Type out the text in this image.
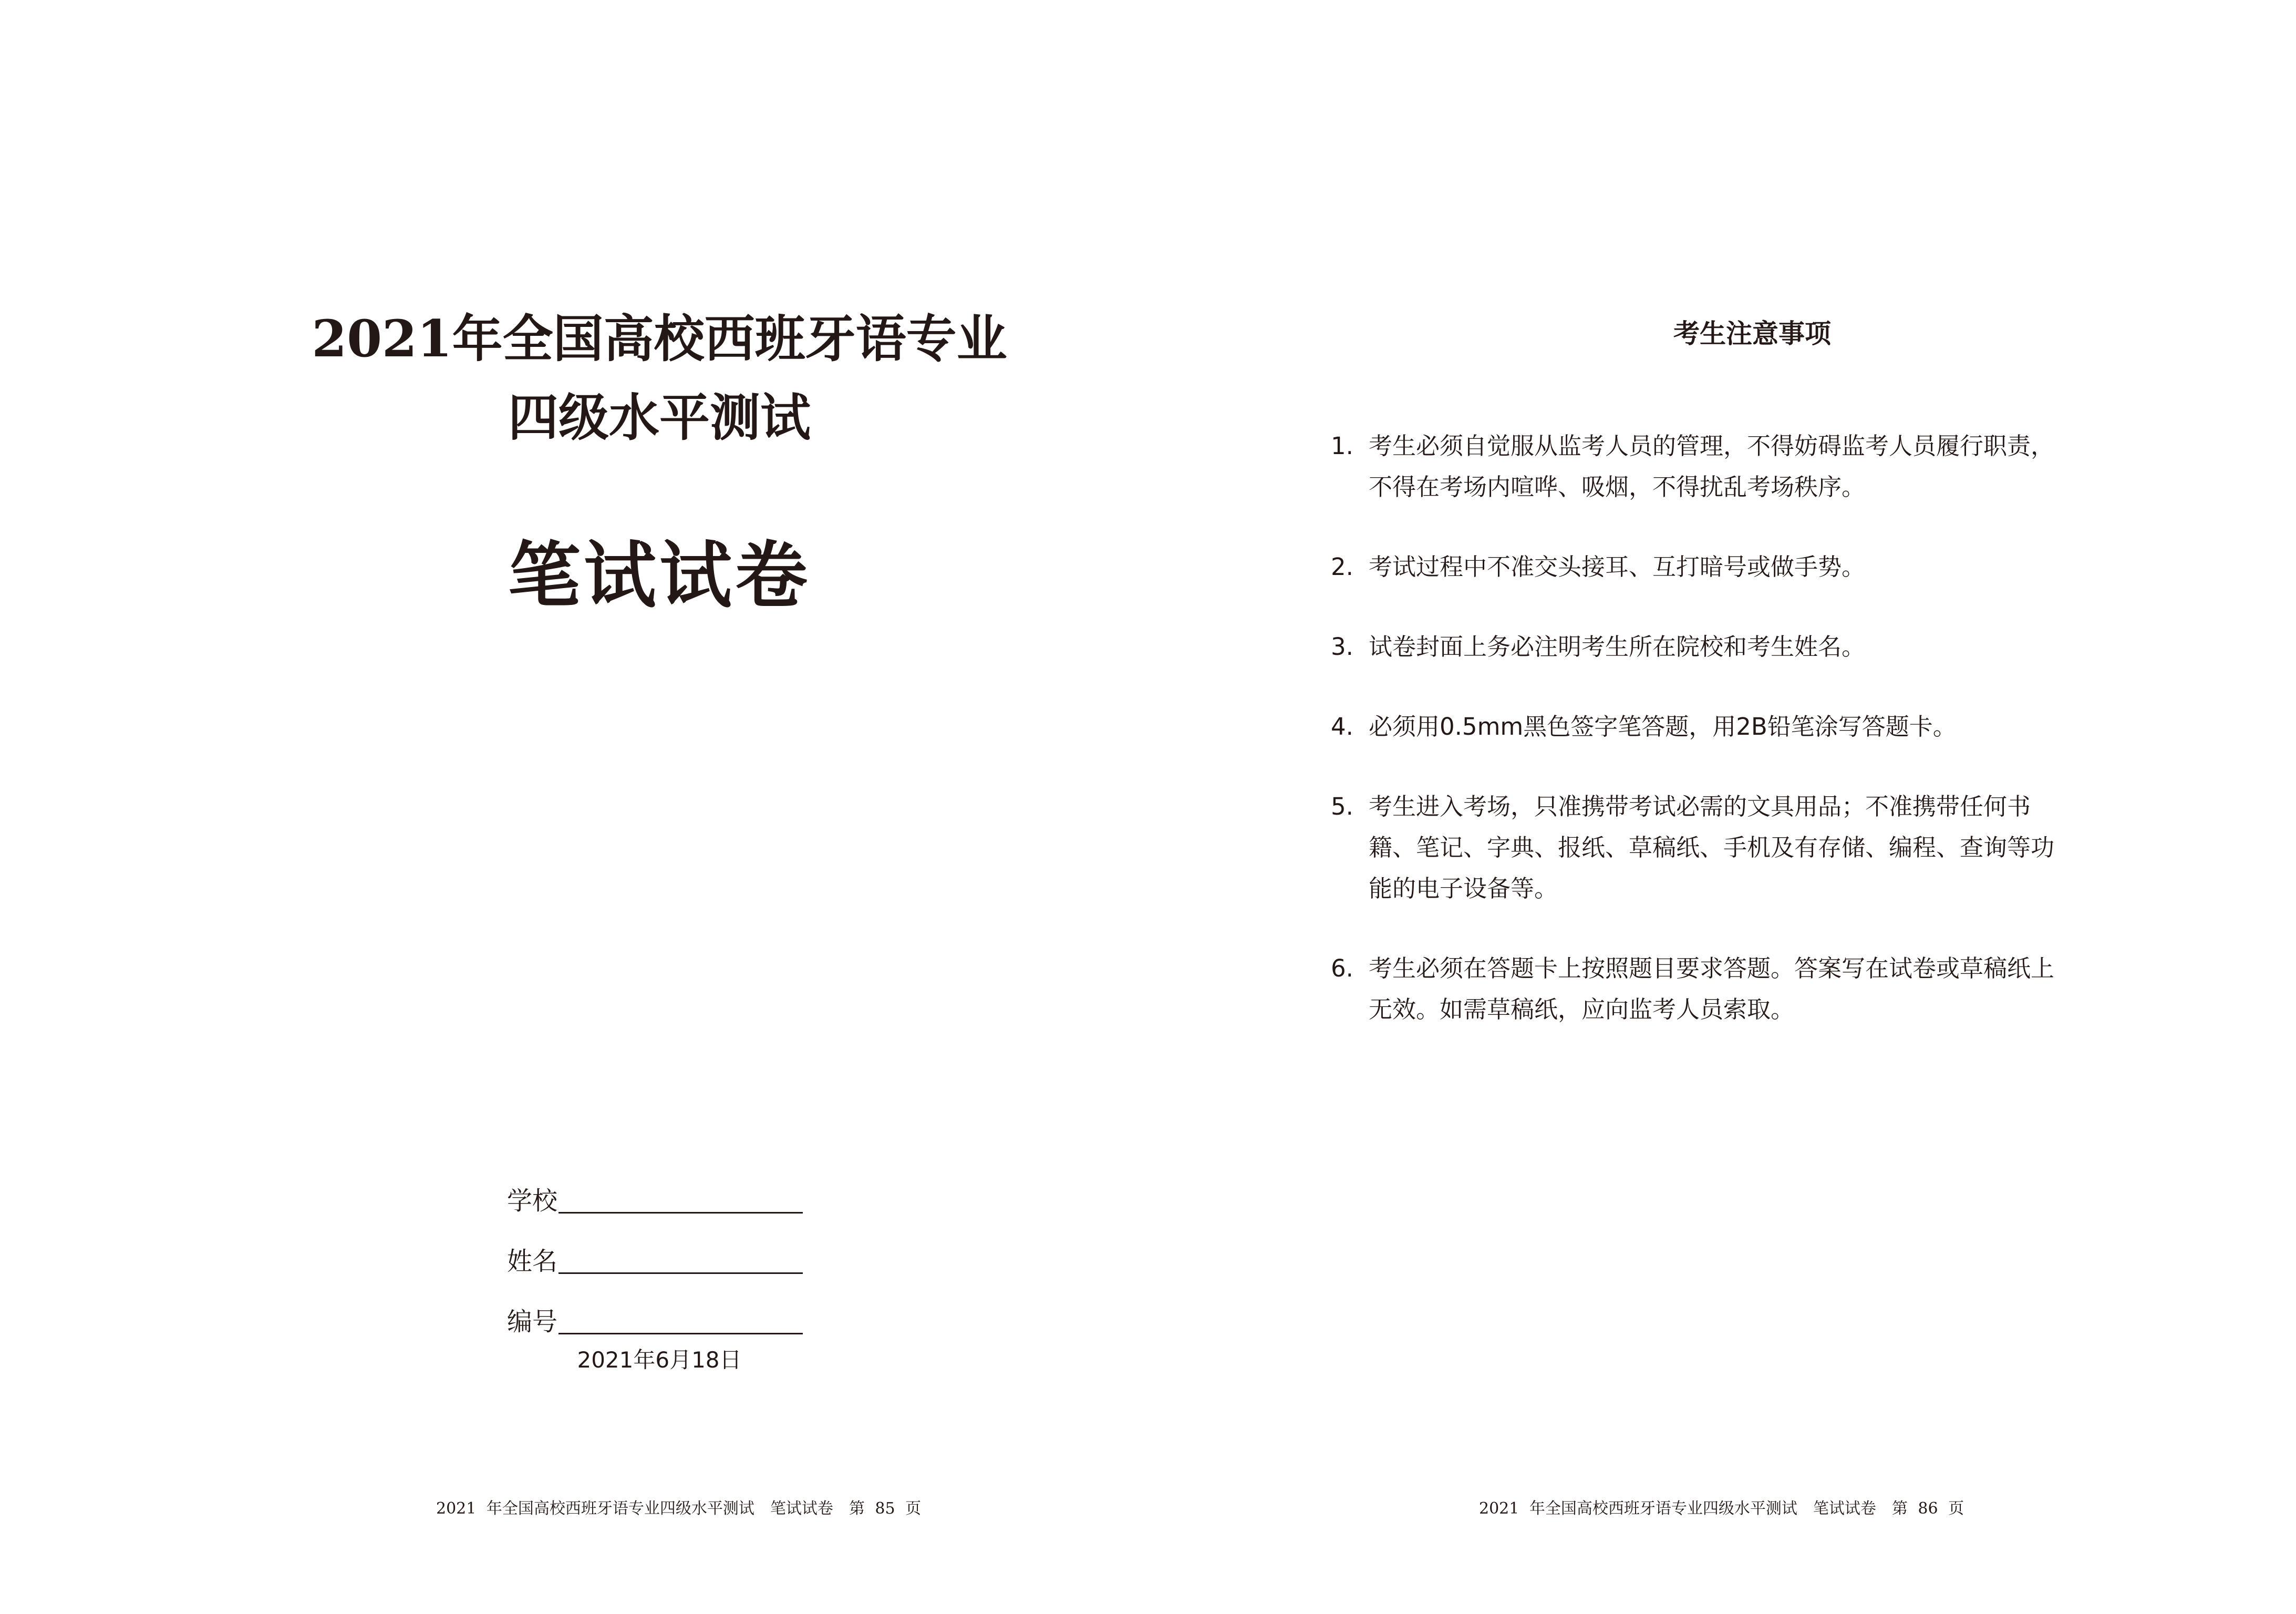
2021年全国高校西班牙语专业
四级水平测试
笔试试卷
学校
姓名
编号

2021年6月18日

2021 年全国高校西班牙语专业四级水平测试　笔试试卷　第 85 页
考生注意事项
1. 考生必须自觉服从监考人员的管理，不得妨碍监考人员履行职责，不得在考场内喧哗、吸烟，不得扰乱考场秩序。
2. 考试过程中不准交头接耳、互打暗号或做手势。
3. 试卷封面上务必注明考生所在院校和考生姓名。
4. 必须用0.5mm黑色签字笔答题，用2B铅笔涂写答题卡。
5. 考生进入考场，只准携带考试必需的文具用品；不准携带任何书籍、笔记、字典、报纸、草稿纸、手机及有存储、编程、查询等功能的电子设备等。
6. 考生必须在答题卡上按照题目要求答题。答案写在试卷或草稿纸上无效。如需草稿纸，应向监考人员索取。
2021 年全国高校西班牙语专业四级水平测试　笔试试卷　第 86 页
